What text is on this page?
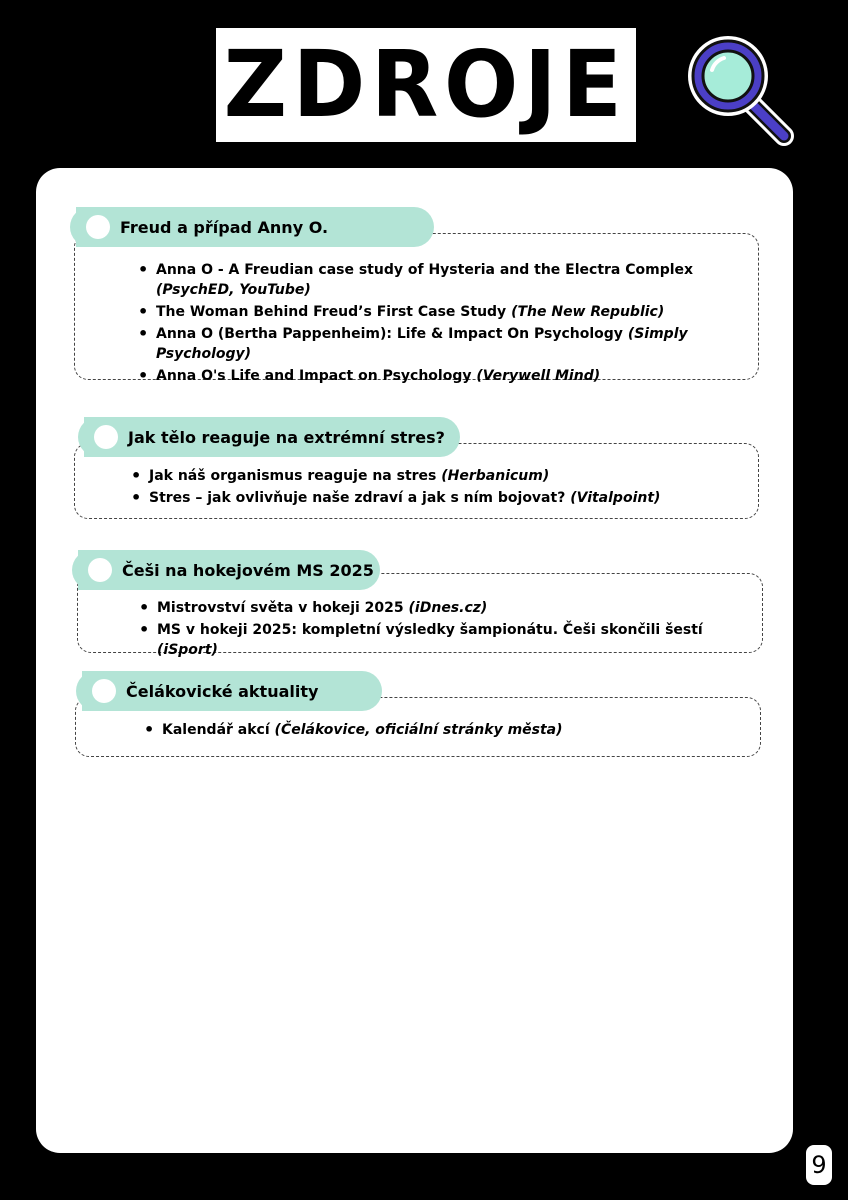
ZDROJE
Freud a případ Anny O.
• Anna O - A Freudian case study of Hysteria and the Electra Complex (PsychED, YouTube)
• The Woman Behind Freud’s First Case Study (The New Republic)
• Anna O (Bertha Pappenheim): Life & Impact On Psychology (Simply Psychology)
• Anna O's Life and Impact on Psychology (Verywell Mind)
Jak tělo reaguje na extrémní stres?
• Jak náš organismus reaguje na stres (Herbanicum)
• Stres – jak ovlivňuje naše zdraví a jak s ním bojovat? (Vitalpoint)
Češi na hokejovém MS 2025
• Mistrovství světa v hokeji 2025 (iDnes.cz)
• MS v hokeji 2025: kompletní výsledky šampionátu. Češi skončili šestí (iSport)
Čelákovické aktuality
• Kalendář akcí (Čelákovice, oficiální stránky města)
9
